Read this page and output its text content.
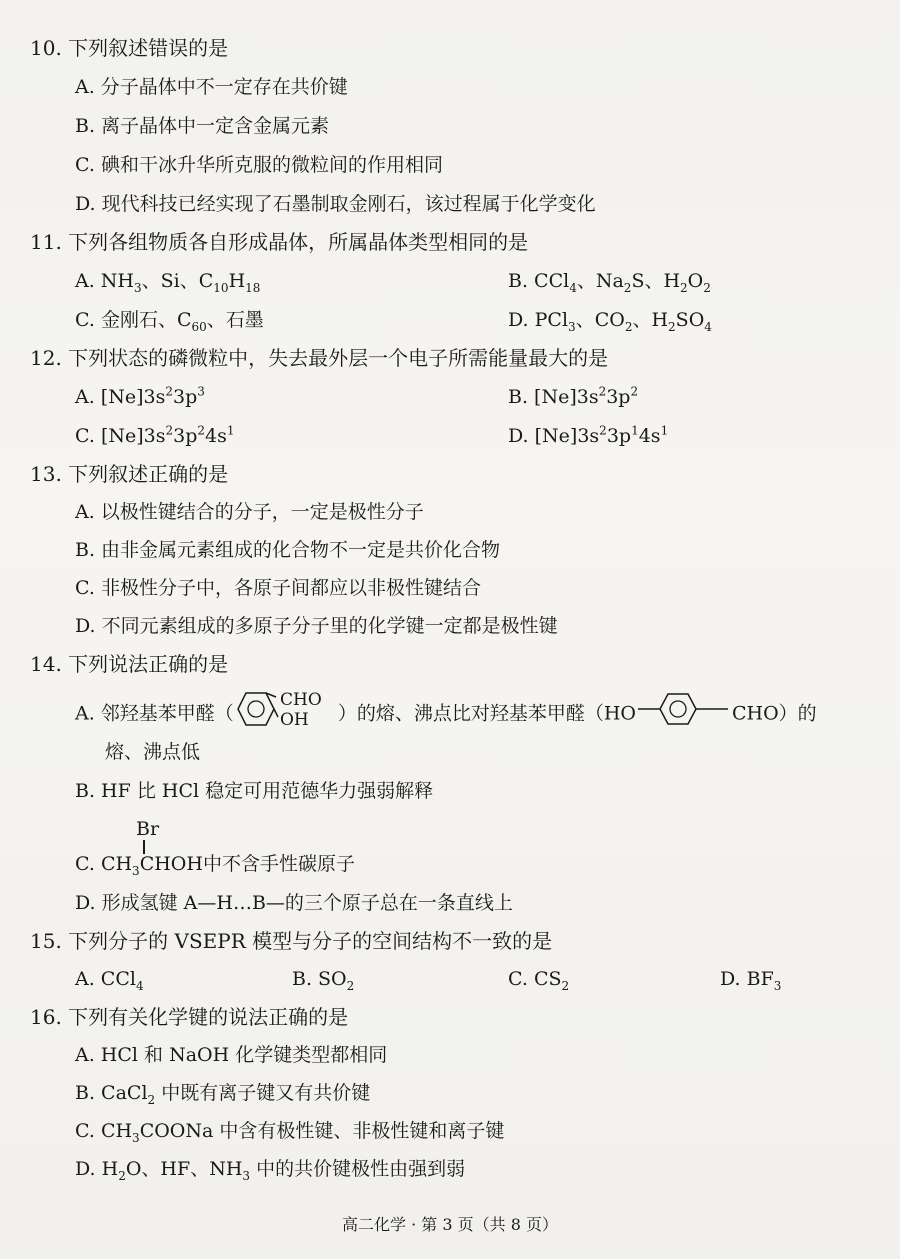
10. 下列叙述错误的是
A. 分子晶体中不一定存在共价键
B. 离子晶体中一定含金属元素
C. 碘和干冰升华所克服的微粒间的作用相同
D. 现代科技已经实现了石墨制取金刚石，该过程属于化学变化
11. 下列各组物质各自形成晶体，所属晶体类型相同的是
A. $NH_3$、Si、$C_{10}H_{18}$	B. CCl$_4$、$Na_2S$、$H_2O_2$
C. 金刚石、$C_{60}$、石墨	D. PCl$_3$、$CO_2$、$H_2SO_4$
12. 下列状态的磷微粒中，失去最外层一个电子所需能量最大的是
A. $[Ne]3s^23p^3$	B. $[Ne]3s^23p^2$
C. $[Ne]3s^23p^24s^1$	D. $[Ne]3s^23p^14s^1$
13. 下列叙述正确的是
A. 以极性键结合的分子，一定是极性分子
B. 由非金属元素组成的化合物不一定是共价化合物
C. 非极性分子中，各原子间都应以非极性键结合
D. 不同元素组成的多原子分子里的化学键一定都是极性键
14. 下列说法正确的是
A. 邻羟基苯甲醛（
CHO
OH ）的熔、沸点比对羟基苯甲醛（HO	CHO）的
熔、沸点低
B. HF 比 HCl 稳定可用范德华力强弱解释
Br
C. $CH_3CHOH$中不含手性碳原子
D. 形成氢键 A—H…B—的三个原子总在一条直线上
15. 下列分子的 VSEPR 模型与分子的空间结构不一致的是
A. CCl$_4$	B. $SO_2$	C. $CS_2$	D. $BF_3$
16. 下列有关化学键的说法正确的是
A. HCl 和 NaOH 化学键类型都相同
B. CaCl$_2$ 中既有离子键又有共价键
C. $CH_3COONa$ 中含有极性键、非极性键和离子键
D. $H_2O$、HF、$NH_3$ 中的共价键极性由强到弱
高二化学 · 第 3 页（共 8 页）
